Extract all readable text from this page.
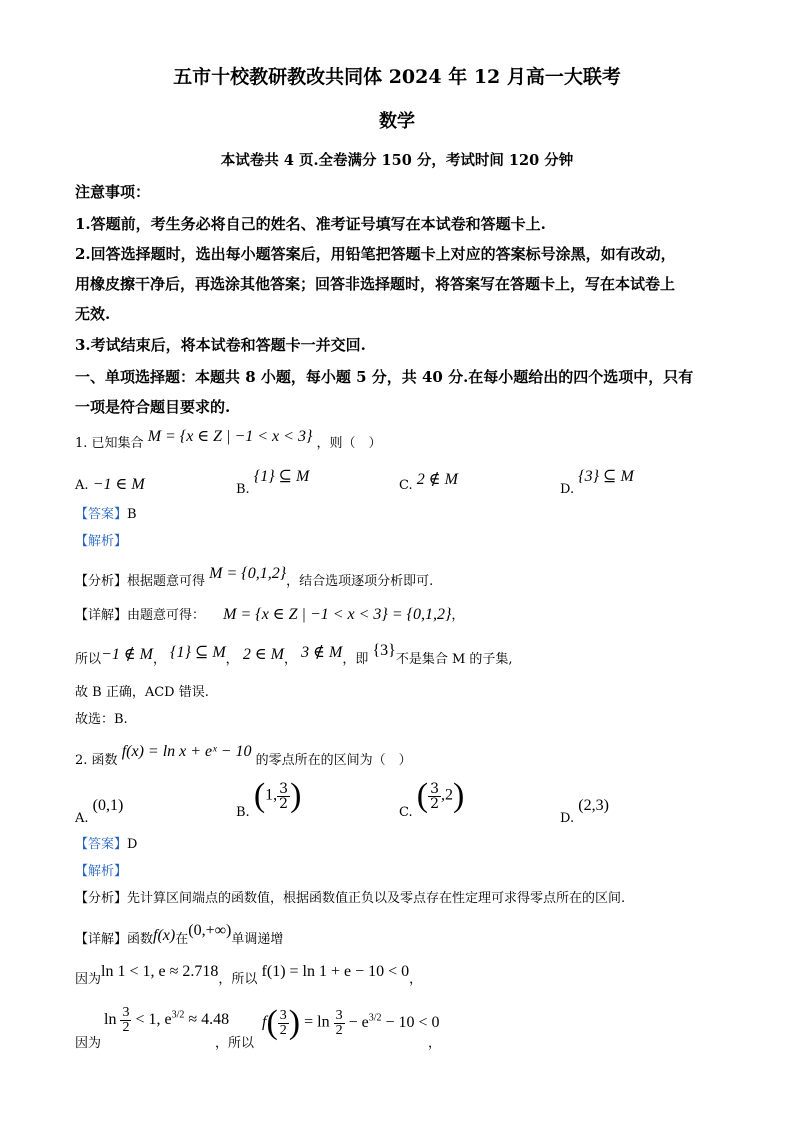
五市十校教研教改共同体 2024 年 12 月高一大联考
数学
本试卷共 4 页.全卷满分 150 分，考试时间 120 分钟
注意事项：
1.答题前，考生务必将自己的姓名、准考证号填写在本试卷和答题卡上.
2.回答选择题时，选出每小题答案后，用铅笔把答题卡上对应的答案标号涂黑，如有改动，
用橡皮擦干净后，再选涂其他答案；回答非选择题时，将答案写在答题卡上，写在本试卷上
无效.
3.考试结束后，将本试卷和答题卡一并交回.
一、单项选择题：本题共 8 小题，每小题 5 分，共 40 分.在每小题给出的四个选项中，只有
一项是符合题目要求的.
1. 已知集合 M = {x ∈ Z | −1 < x < 3} ，则（　）
A. −1 ∈ M	B. {1} ⊆ M
C. 2 ∉ M
D. {3} ⊆ M
【答案】B
【解析】
【分析】根据题意可得 M = {0,1,2}，结合选项逐项分析即可.
【详解】由题意可得： M = {x ∈ Z | −1 < x < 3} = {0,1,2}，
所以−1 ∉ M， {1} ⊆ M， 2 ∈ M， 3 ∉ M，即 {3}不是集合 M 的子集,
故 B 正确，ACD 错误.
故选：B.
2. 函数 f(x) = ln x + eˣ − 10 的零点所在的区间为（　）
A. (0,1)	B. (1, $\frac{3}{2}$ )	C. ( $\frac{3}{2} ,2$)
D. (2,3)
【答案】D
【解析】
【分析】先计算区间端点的函数值，根据函数值正负以及零点存在性定理可求得零点所在的区间.
【详解】函数f(x)在(0,+∞)单调递增
因为ln 1 < 1, e ≈ 2.718，所以 f(1) = ln 1 + e − 10 < 0，
$\ln \frac{3}{2} < 1$, $e^{3/2} \approx 4.48$
因为	，所以
$f( \frac{3}{2}$ ) = $\ln \frac{3}{2} - e^{3/2} - 10 < 0$
，
